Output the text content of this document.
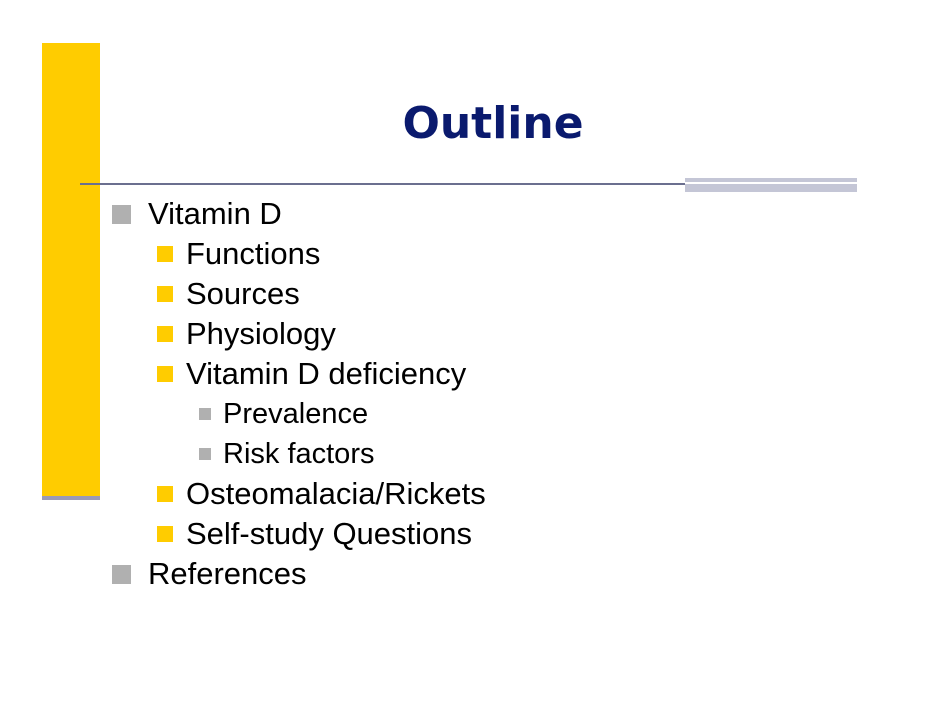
Outline
Vitamin D
Functions
Sources
Physiology
Vitamin D deficiency
Prevalence
Risk factors
Osteomalacia/Rickets
Self-study Questions
References
